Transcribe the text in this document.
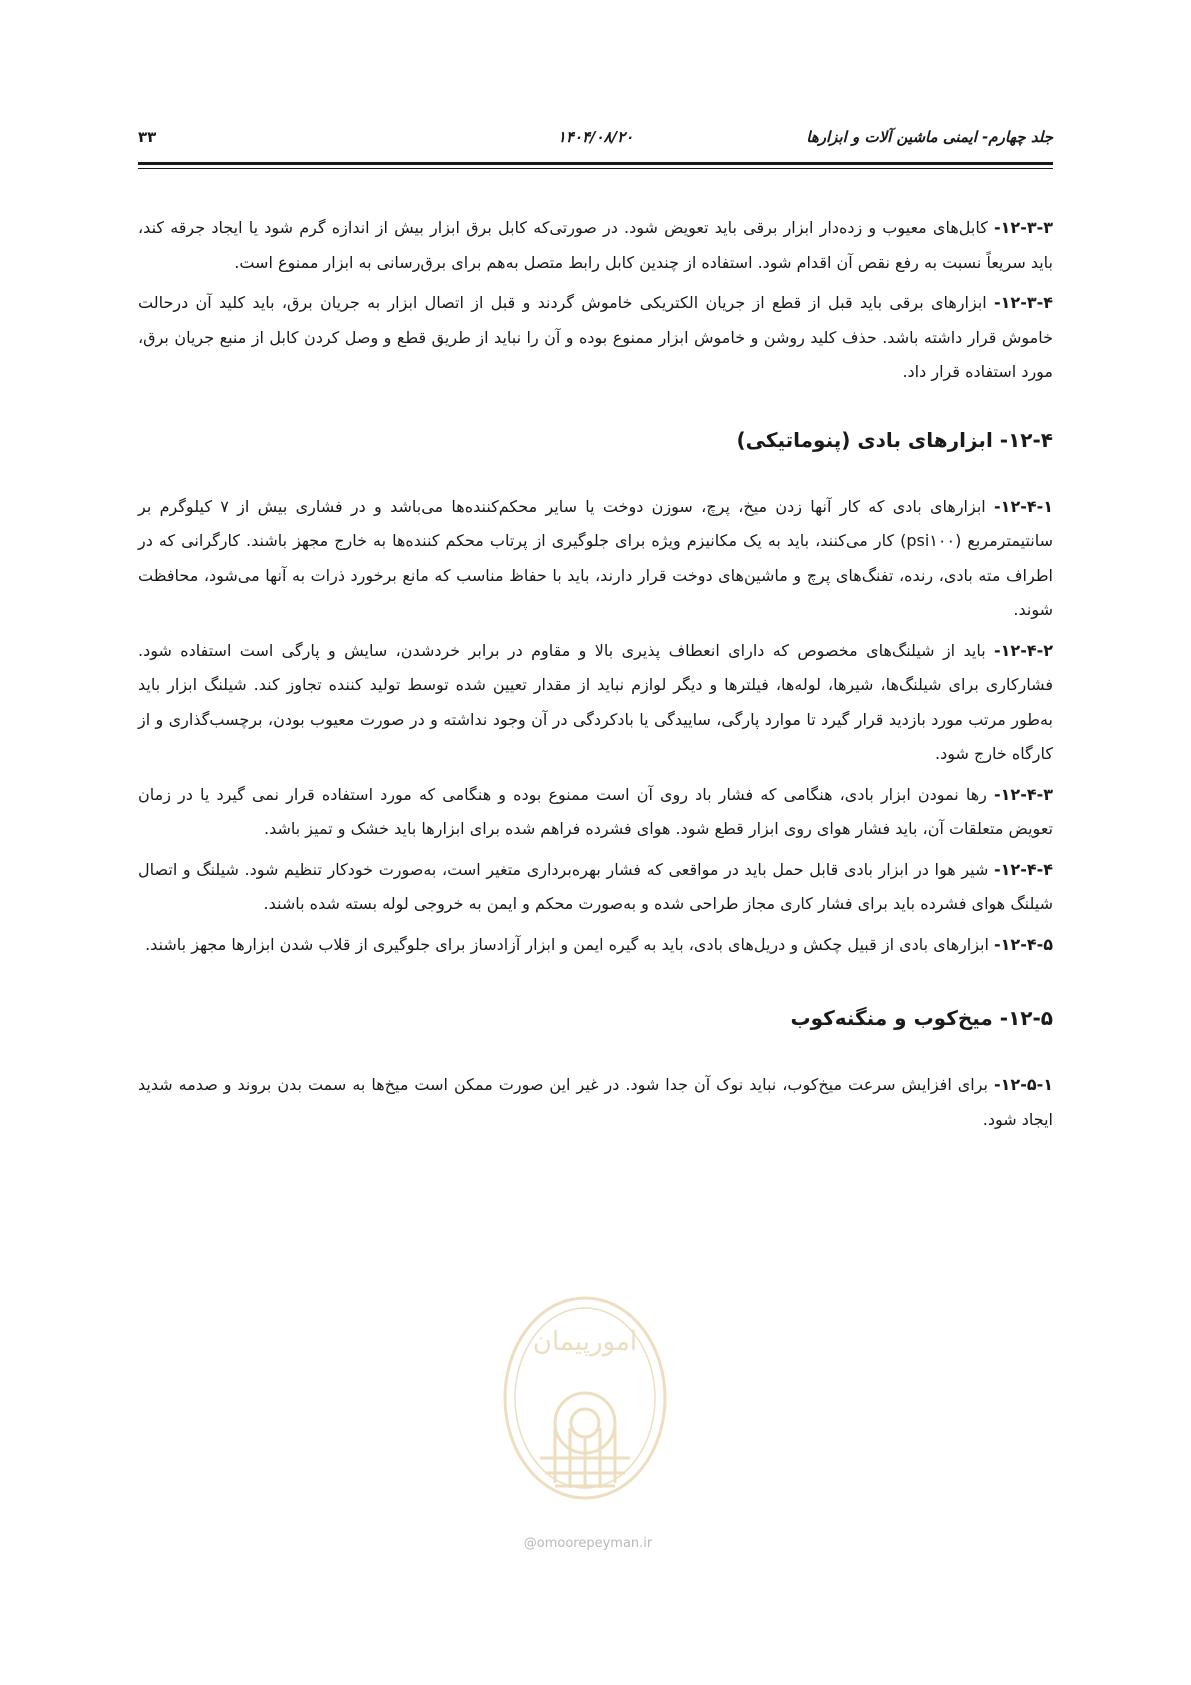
جلد چهارم- ایمنی ماشین آلات و ابزارها
۱۴۰۴/۰۸/۲۰
۳۳

۱۲-۳-۳- کابل‌های معیوب و زده‌دار ابزار برقی باید تعویض شود. در صورتی‌که کابل برق ابزار بیش از اندازه گرم شود یا ایجاد جرقه کند، باید سریعاً نسبت به رفع نقص آن اقدام شود. استفاده از چندین کابل رابط متصل به‌هم برای برق‌رسانی به ابزار ممنوع است.

۱۲-۳-۴- ابزارهای برقی باید قبل از قطع از جریان الکتریکی خاموش گردند و قبل از اتصال ابزار به جریان برق، باید کلید آن درحالت خاموش قرار داشته باشد. حذف کلید روشن و خاموش ابزار ممنوع بوده و آن را نباید از طریق قطع و وصل کردن کابل از منبع جریان برق، مورد استفاده قرار داد.

۱۲-۴- ابزارهای بادی (پنوماتیکی)

۱۲-۴-۱- ابزارهای بادی که کار آنها زدن میخ، پرچ، سوزن دوخت یا سایر محکم‌کننده‌ها می‌باشد و در فشاری بیش از ۷ کیلوگرم بر سانتیمترمربع (psi۱۰۰) کار می‌کنند، باید به یک مکانیزم ویژه برای جلوگیری از پرتاب محکم کننده‌ها به خارج مجهز باشند. کارگرانی که در اطراف مته بادی، رنده، تفنگ‌های پرچ و ماشین‌های دوخت قرار دارند، باید با حفاظ مناسب که مانع برخورد ذرات به آنها می‌شود، محافظت شوند.

۱۲-۴-۲- باید از شیلنگ‌های مخصوص که دارای انعطاف پذیری بالا و مقاوم در برابر خردشدن، سایش و پارگی است استفاده شود. فشارکاری برای شیلنگ‌ها، شیرها، لوله‌ها، فیلترها و دیگر لوازم نباید از مقدار تعیین شده توسط تولید کننده تجاوز کند. شیلنگ ابزار باید به‌طور مرتب مورد بازدید قرار گیرد تا موارد پارگی، ساییدگی یا بادکردگی در آن وجود نداشته و در صورت معیوب بودن، برچسب‌گذاری و از کارگاه خارج شود.

۱۲-۴-۳- رها نمودن ابزار بادی، هنگامی که فشار باد روی آن است ممنوع بوده و هنگامی که مورد استفاده قرار نمی گیرد یا در زمان تعویض متعلقات آن، باید فشار هوای روی ابزار قطع شود. هوای فشرده فراهم شده برای ابزارها باید خشک و تمیز باشد.

۱۲-۴-۴- شیر هوا در ابزار بادی قابل حمل باید در مواقعی که فشار بهره‌برداری متغیر است، به‌صورت خودکار تنظیم شود. شیلنگ و اتصال شیلنگ هوای فشرده باید برای فشار کاری مجاز طراحی شده و به‌صورت محکم و ایمن به خروجی لوله بسته شده باشند.

۱۲-۴-۵- ابزارهای بادی از قبیل چکش و دریل‌های بادی، باید به گیره ایمن و ابزار آزادساز برای جلوگیری از قلاب شدن ابزارها مجهز باشند.

۱۲-۵- میخ‌کوب و منگنه‌کوب

۱۲-۵-۱- برای افزایش سرعت میخ‌کوب، نباید نوک آن جدا شود. در غیر این صورت ممکن است میخ‌ها به سمت بدن بروند و صدمه شدید ایجاد شود.

امورپیمان
@omoorepeyman.ir
